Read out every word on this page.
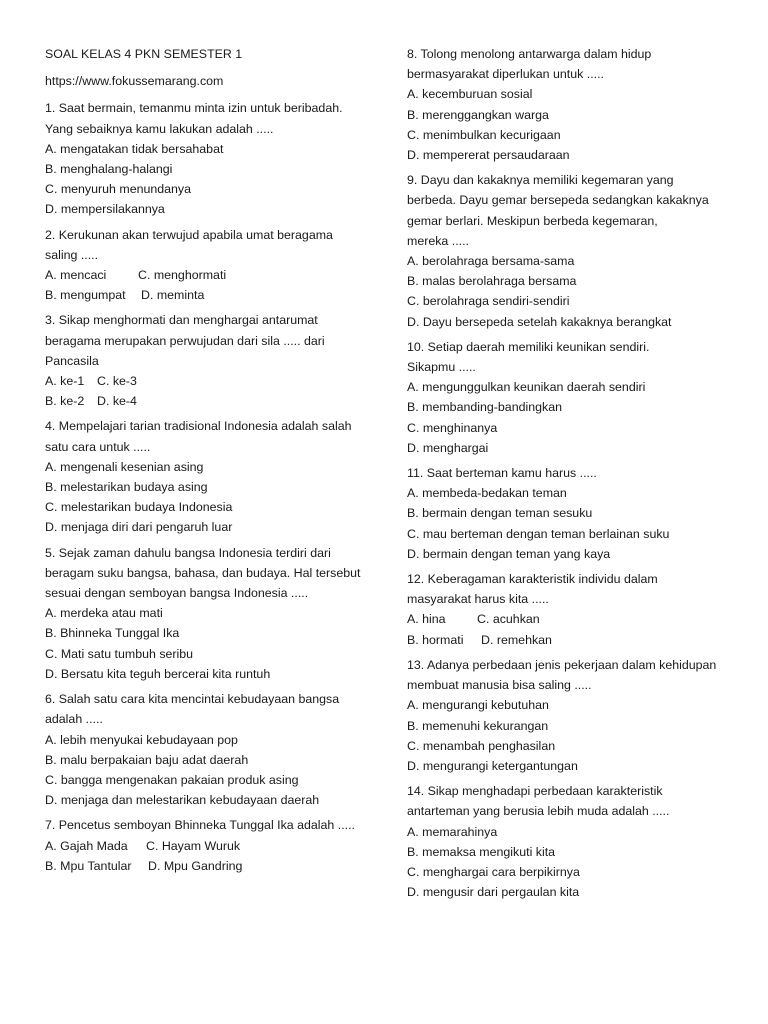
SOAL KELAS 4 PKN SEMESTER 1
https://www.fokussemarang.com
1. Saat bermain, temanmu minta izin untuk beribadah.
Yang sebaiknya kamu lakukan adalah .....
A. mengatakan tidak bersahabat
B. menghalang-halangi
C. menyuruh menundanya
D. mempersilakannya
2. Kerukunan akan terwujud apabila umat beragama
saling .....
A. mencaci	C. menghormati
B. mengumpat D. meminta
3. Sikap menghormati dan menghargai antarumat
beragama merupakan perwujudan dari sila ..... dari
Pancasila
A. ke-1 C. ke-3
B. ke-2 D. ke-4
4. Mempelajari tarian tradisional Indonesia adalah salah
satu cara untuk .....
A. mengenali kesenian asing
B. melestarikan budaya asing
C. melestarikan budaya Indonesia
D. menjaga diri dari pengaruh luar
5. Sejak zaman dahulu bangsa Indonesia terdiri dari
beragam suku bangsa, bahasa, dan budaya. Hal tersebut
sesuai dengan semboyan bangsa Indonesia .....
A. merdeka atau mati
B. Bhinneka Tunggal Ika
C. Mati satu tumbuh seribu
D. Bersatu kita teguh bercerai kita runtuh
6. Salah satu cara kita mencintai kebudayaan bangsa
adalah .....
A. lebih menyukai kebudayaan pop
B. malu berpakaian baju adat daerah
C. bangga mengenakan pakaian produk asing
D. menjaga dan melestarikan kebudayaan daerah
7. Pencetus semboyan Bhinneka Tunggal Ika adalah .....
A. Gajah Mada C. Hayam Wuruk
B. Mpu Tantular D. Mpu Gandring
8. Tolong menolong antarwarga dalam hidup
bermasyarakat diperlukan untuk .....
A. kecemburuan sosial
B. merenggangkan warga
C. menimbulkan kecurigaan
D. mempererat persaudaraan
9. Dayu dan kakaknya memiliki kegemaran yang
berbeda. Dayu gemar bersepeda sedangkan kakaknya
gemar berlari. Meskipun berbeda kegemaran,
mereka .....
A. berolahraga bersama-sama
B. malas berolahraga bersama
C. berolahraga sendiri-sendiri
D. Dayu bersepeda setelah kakaknya berangkat
10. Setiap daerah memiliki keunikan sendiri.
Sikapmu .....
A. mengunggulkan keunikan daerah sendiri
B. membanding-bandingkan
C. menghinanya
D. menghargai
11. Saat berteman kamu harus .....
A. membeda-bedakan teman
B. bermain dengan teman sesuku
C. mau berteman dengan teman berlainan suku
D. bermain dengan teman yang kaya
12. Keberagaman karakteristik individu dalam
masyarakat harus kita .....
A. hina	C. acuhkan
B. hormati D. remehkan
13. Adanya perbedaan jenis pekerjaan dalam kehidupan
membuat manusia bisa saling .....
A. mengurangi kebutuhan
B. memenuhi kekurangan
C. menambah penghasilan
D. mengurangi ketergantungan
14. Sikap menghadapi perbedaan karakteristik
antarteman yang berusia lebih muda adalah .....
A. memarahinya
B. memaksa mengikuti kita
C. menghargai cara berpikirnya
D. mengusir dari pergaulan kita
